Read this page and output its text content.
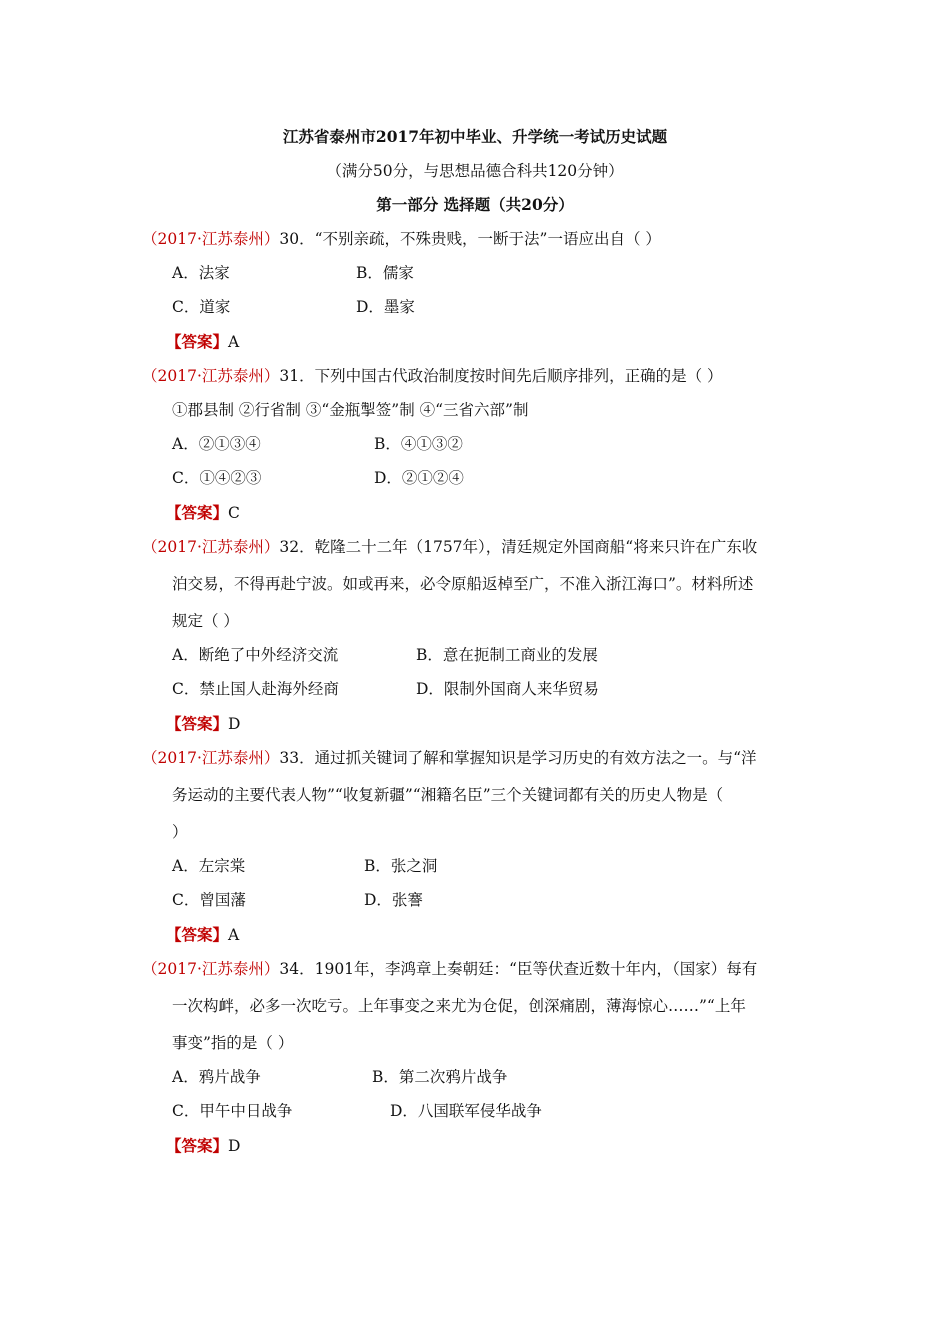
江苏省泰州市2017年初中毕业、升学统一考试历史试题
（满分50分，与思想品德合科共120分钟）
第一部分 选择题（共20分）
（2017·江苏泰州）30．“不别亲疏，不殊贵贱，一断于法”一语应出自（ ）
A．法家	B．儒家
C．道家	D．墨家
【答案】A
（2017·江苏泰州）31．下列中国古代政治制度按时间先后顺序排列，正确的是（ ）
①郡县制 ②行省制 ③“金瓶掣签”制 ④“三省六部”制
A．②①③④	B．④①③②
C．①④②③	D．②①②④
【答案】C
（2017·江苏泰州）32．乾隆二十二年（1757年），清廷规定外国商船“将来只许在广东收
泊交易，不得再赴宁波。如或再来，必令原船返棹至广，不准入浙江海口”。材料所述
规定（ ）
A．断绝了中外经济交流	B．意在扼制工商业的发展
C．禁止国人赴海外经商	D．限制外国商人来华贸易
【答案】D
（2017·江苏泰州）33．通过抓关键词了解和掌握知识是学习历史的有效方法之一。与“洋
务运动的主要代表人物”“收复新疆”“湘籍名臣”三个关键词都有关的历史人物是（
）
A．左宗棠	B．张之洞
C．曾国藩	D．张謇
【答案】A
（2017·江苏泰州）34．1901年，李鸿章上奏朝廷：“臣等伏查近数十年内，（国家）每有
一次构衅，必多一次吃亏。上年事变之来尤为仓促，创深痛剧，薄海惊心……”“上年
事变”指的是（ ）
A．鸦片战争	B．第二次鸦片战争
C．甲午中日战争	D．八国联军侵华战争
【答案】D
